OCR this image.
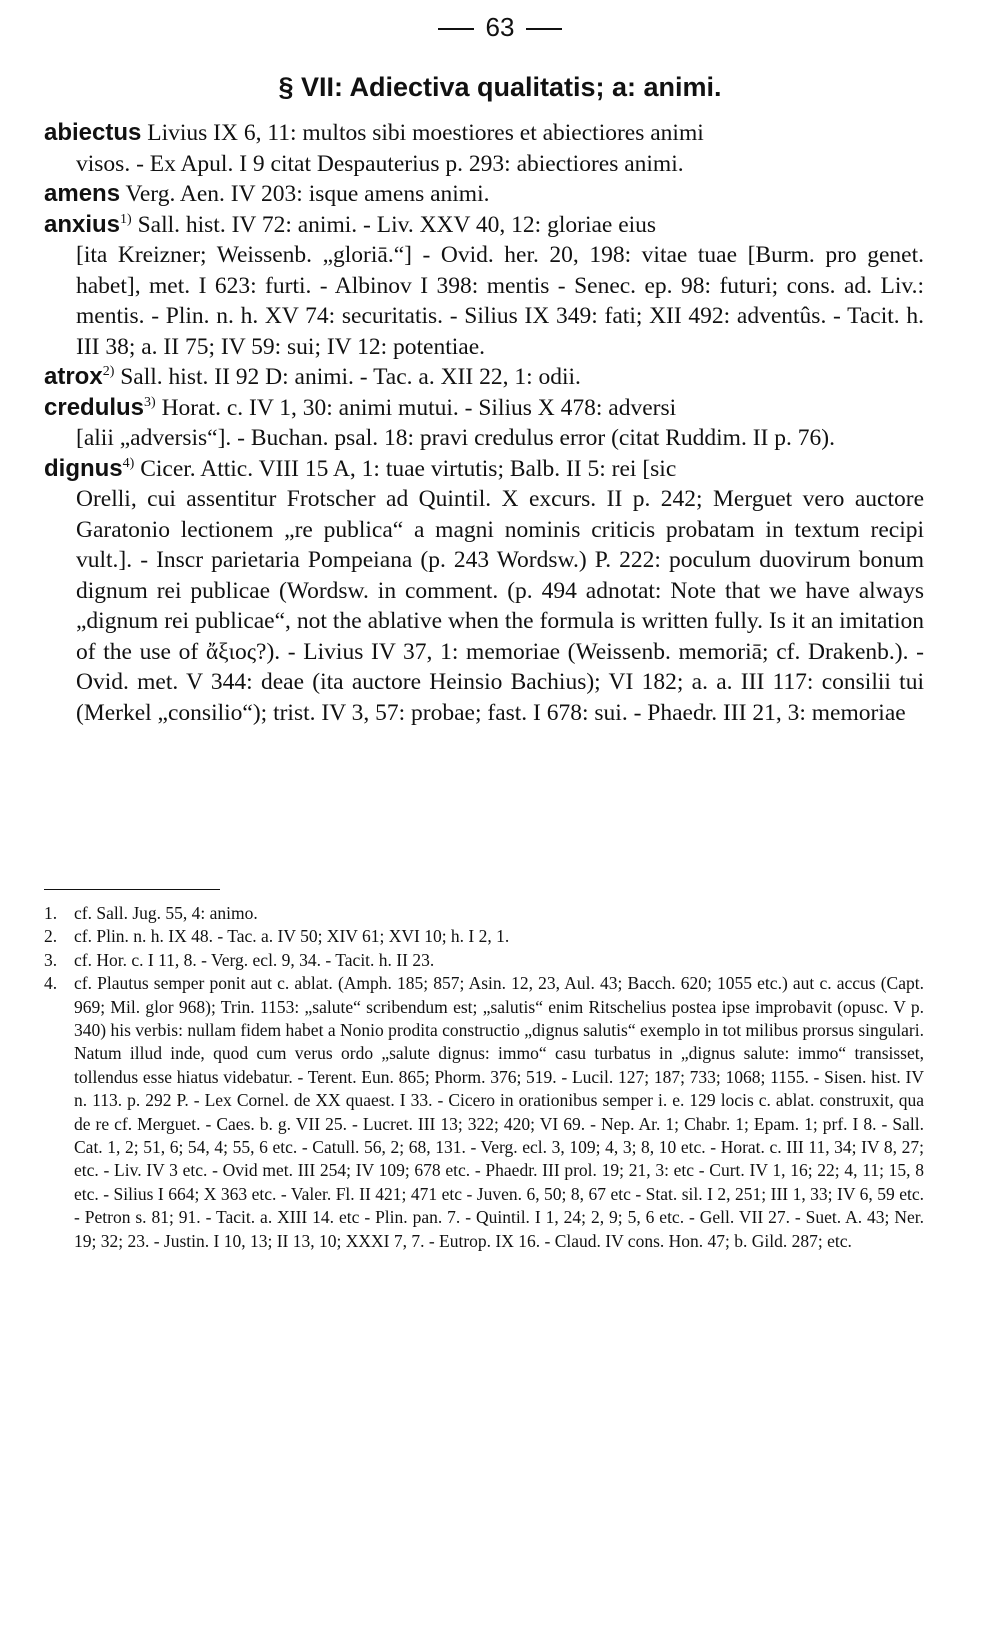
63
§ VII: Adiectiva qualitatis; a: animi.

abiectus Livius IX 6, 11: multos sibi moestiores et abiectiores animi
visos. - Ex Apul. I 9 citat Despauterius p. 293: abiectiores animi.

amens Verg. Aen. IV 203: isque amens animi.

anxius$^{1)}$ Sall. hist. IV 72: animi. - Liv. XXV 40, 12: gloriae eius
[ita Kreizner; Weissenb. „gloriā.“] - Ovid. her. 20, 198: vitae tuae [Burm. pro genet. habet], met. I 623: furti. - Albinov I 398: mentis - Senec. ep. 98: futuri; cons. ad. Liv.: mentis. - Plin. n. h. XV 74: securitatis. - Silius IX 349: fati; XII 492: adventûs. - Tacit. h. III 38; a. II 75; IV 59: sui; IV 12: potentiae.

atrox$^{2)}$ Sall. hist. II 92 D: animi. - Tac. a. XII 22, 1: odii.

credulus$^{3)}$ Horat. c. IV 1, 30: animi mutui. - Silius X 478: adversi
[alii „adversis“]. - Buchan. psal. 18: pravi credulus error (citat Ruddim. II p. 76).

dignus$^{4)}$ Cicer. Attic. VIII 15 A, 1: tuae virtutis; Balb. II 5: rei [sic
Orelli, cui assentitur Frotscher ad Quintil. X excurs. II p. 242; Merguet vero auctore Garatonio lectionem „re publica“ a magni nominis criticis probatam in textum recipi vult.]. - Inscr parietaria Pompeiana (p. 243 Wordsw.) P. 222: poculum duovirum bonum dignum rei publicae (Wordsw. in comment. (p. 494 adnotat: Note that we have always „dignum rei publicae“, not the ablative when the formula is written fully. Is it an imitation of the use of ἄξιος?). - Livius IV 37, 1: memoriae (Weissenb. memoriā; cf. Drakenb.). - Ovid. met. V 344: deae (ita auctore Heinsio Bachius); VI 182; a. a. III 117: consilii tui (Merkel „consilio“); trist. IV 3, 57: probae; fast. I 678: sui. - Phaedr. III 21, 3: memoriae

1. cf. Sall. Jug. 55, 4: animo.
2. cf. Plin. n. h. IX 48. - Tac. a. IV 50; XIV 61; XVI 10; h. I 2, 1.
3. cf. Hor. c. I 11, 8. - Verg. ecl. 9, 34. - Tacit. h. II 23.
4. cf. Plautus semper ponit aut c. ablat. (Amph. 185; 857; Asin. 12, 23, Aul. 43; Bacch. 620; 1055 etc.) aut c. accus (Capt. 969; Mil. glor 968); Trin. 1153: „salute“ scribendum est; „salutis“ enim Ritschelius postea ipse improbavit (opusc. V p. 340) his verbis: nullam fidem habet a Nonio prodita constructio „dignus salutis“ exemplo in tot milibus prorsus singulari. Natum illud inde, quod cum verus ordo „salute dignus: immo“ casu turbatus in „dignus salute: immo“ transisset, tollendus esse hiatus videbatur. - Terent. Eun. 865; Phorm. 376; 519. - Lucil. 127; 187; 733; 1068; 1155. - Sisen. hist. IV n. 113. p. 292 P. - Lex Cornel. de XX quaest. I 33. - Cicero in orationibus semper i. e. 129 locis c. ablat. construxit, qua de re cf. Merguet. - Caes. b. g. VII 25. - Lucret. III 13; 322; 420; VI 69. - Nep. Ar. 1; Chabr. 1; Epam. 1; prf. I 8. - Sall. Cat. 1, 2; 51, 6; 54, 4; 55, 6 etc. - Catull. 56, 2; 68, 131. - Verg. ecl. 3, 109; 4, 3; 8, 10 etc. - Horat. c. III 11, 34; IV 8, 27; etc. - Liv. IV 3 etc. - Ovid met. III 254; IV 109; 678 etc. - Phaedr. III prol. 19; 21, 3: etc - Curt. IV 1, 16; 22; 4, 11; 15, 8 etc. - Silius I 664; X 363 etc. - Valer. Fl. II 421; 471 etc - Juven. 6, 50; 8, 67 etc - Stat. sil. I 2, 251; III 1, 33; IV 6, 59 etc. - Petron s. 81; 91. - Tacit. a. XIII 14. etc - Plin. pan. 7. - Quintil. I 1, 24; 2, 9; 5, 6 etc. - Gell. VII 27. - Suet. A. 43; Ner. 19; 32; 23. - Justin. I 10, 13; II 13, 10; XXXI 7, 7. - Eutrop. IX 16. - Claud. IV cons. Hon. 47; b. Gild. 287; etc.
